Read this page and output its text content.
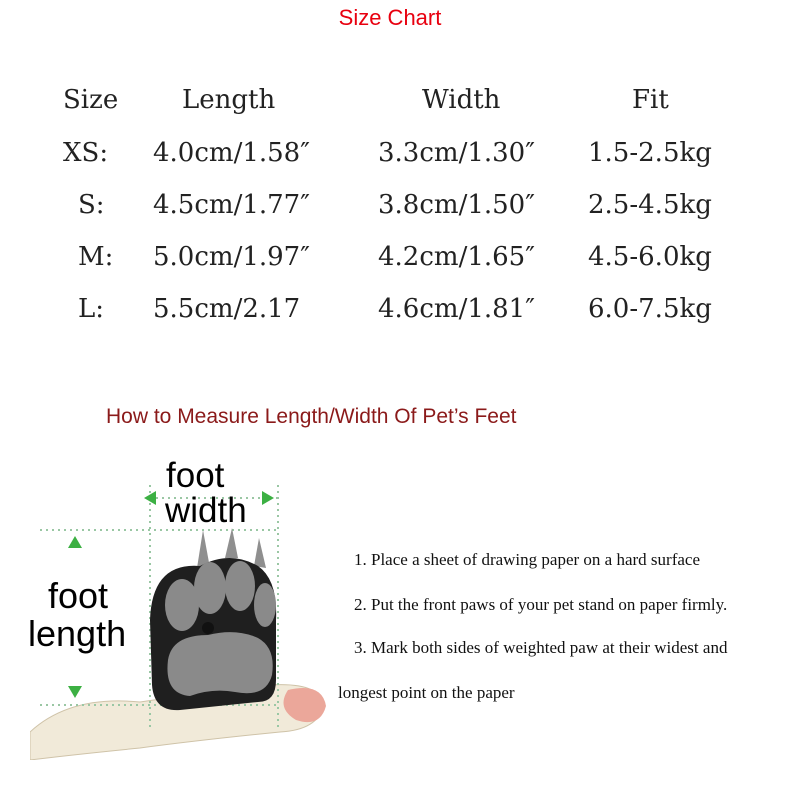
Size Chart
Size Length	Width	Fit
XS: 4.0cm/1.58″	3.3cm/1.30″ 1.5-2.5kg
S: 4.5cm/1.77″	3.8cm/1.50″ 2.5-4.5kg
M: 5.0cm/1.97″	4.2cm/1.65″ 4.5-6.0kg
L: 5.5cm/2.17	4.6cm/1.81″ 6.0-7.5kg
How to Measure Length/Width Of Pet’s Feet
foot
width
foot
length
1. Place a sheet of drawing paper on a hard surface
2. Put the front paws of your pet stand on paper firmly.
3. Mark both sides of weighted paw at their widest and
longest point on the paper
